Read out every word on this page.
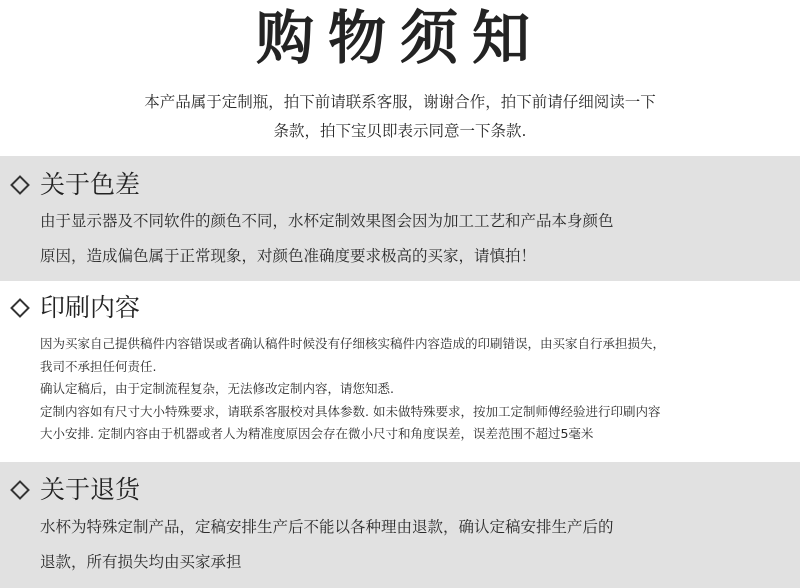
购物须知
本产品属于定制瓶，拍下前请联系客服，谢谢合作，拍下前请仔细阅读一下
条款，拍下宝贝即表示同意一下条款.
关于色差

由于显示器及不同软件的颜色不同，水杯定制效果图会因为加工工艺和产品本身颜色

原因，造成偏色属于正常现象，对颜色准确度要求极高的买家，请慎拍！

印刷内容

因为买家自己提供稿件内容错误或者确认稿件时候没有仔细核实稿件内容造成的印刷错误，由买家自行承担损失，

我司不承担任何责任.

确认定稿后，由于定制流程复杂，无法修改定制内容，请您知悉.

定制内容如有尺寸大小特殊要求，请联系客服校对具体参数. 如未做特殊要求，按加工定制师傅经验进行印刷内容

大小安排. 定制内容由于机器或者人为精准度原因会存在微小尺寸和角度误差，误差范围不超过5毫米

关于退货

水杯为特殊定制产品，定稿安排生产后不能以各种理由退款，确认定稿安排生产后的

退款，所有损失均由买家承担
